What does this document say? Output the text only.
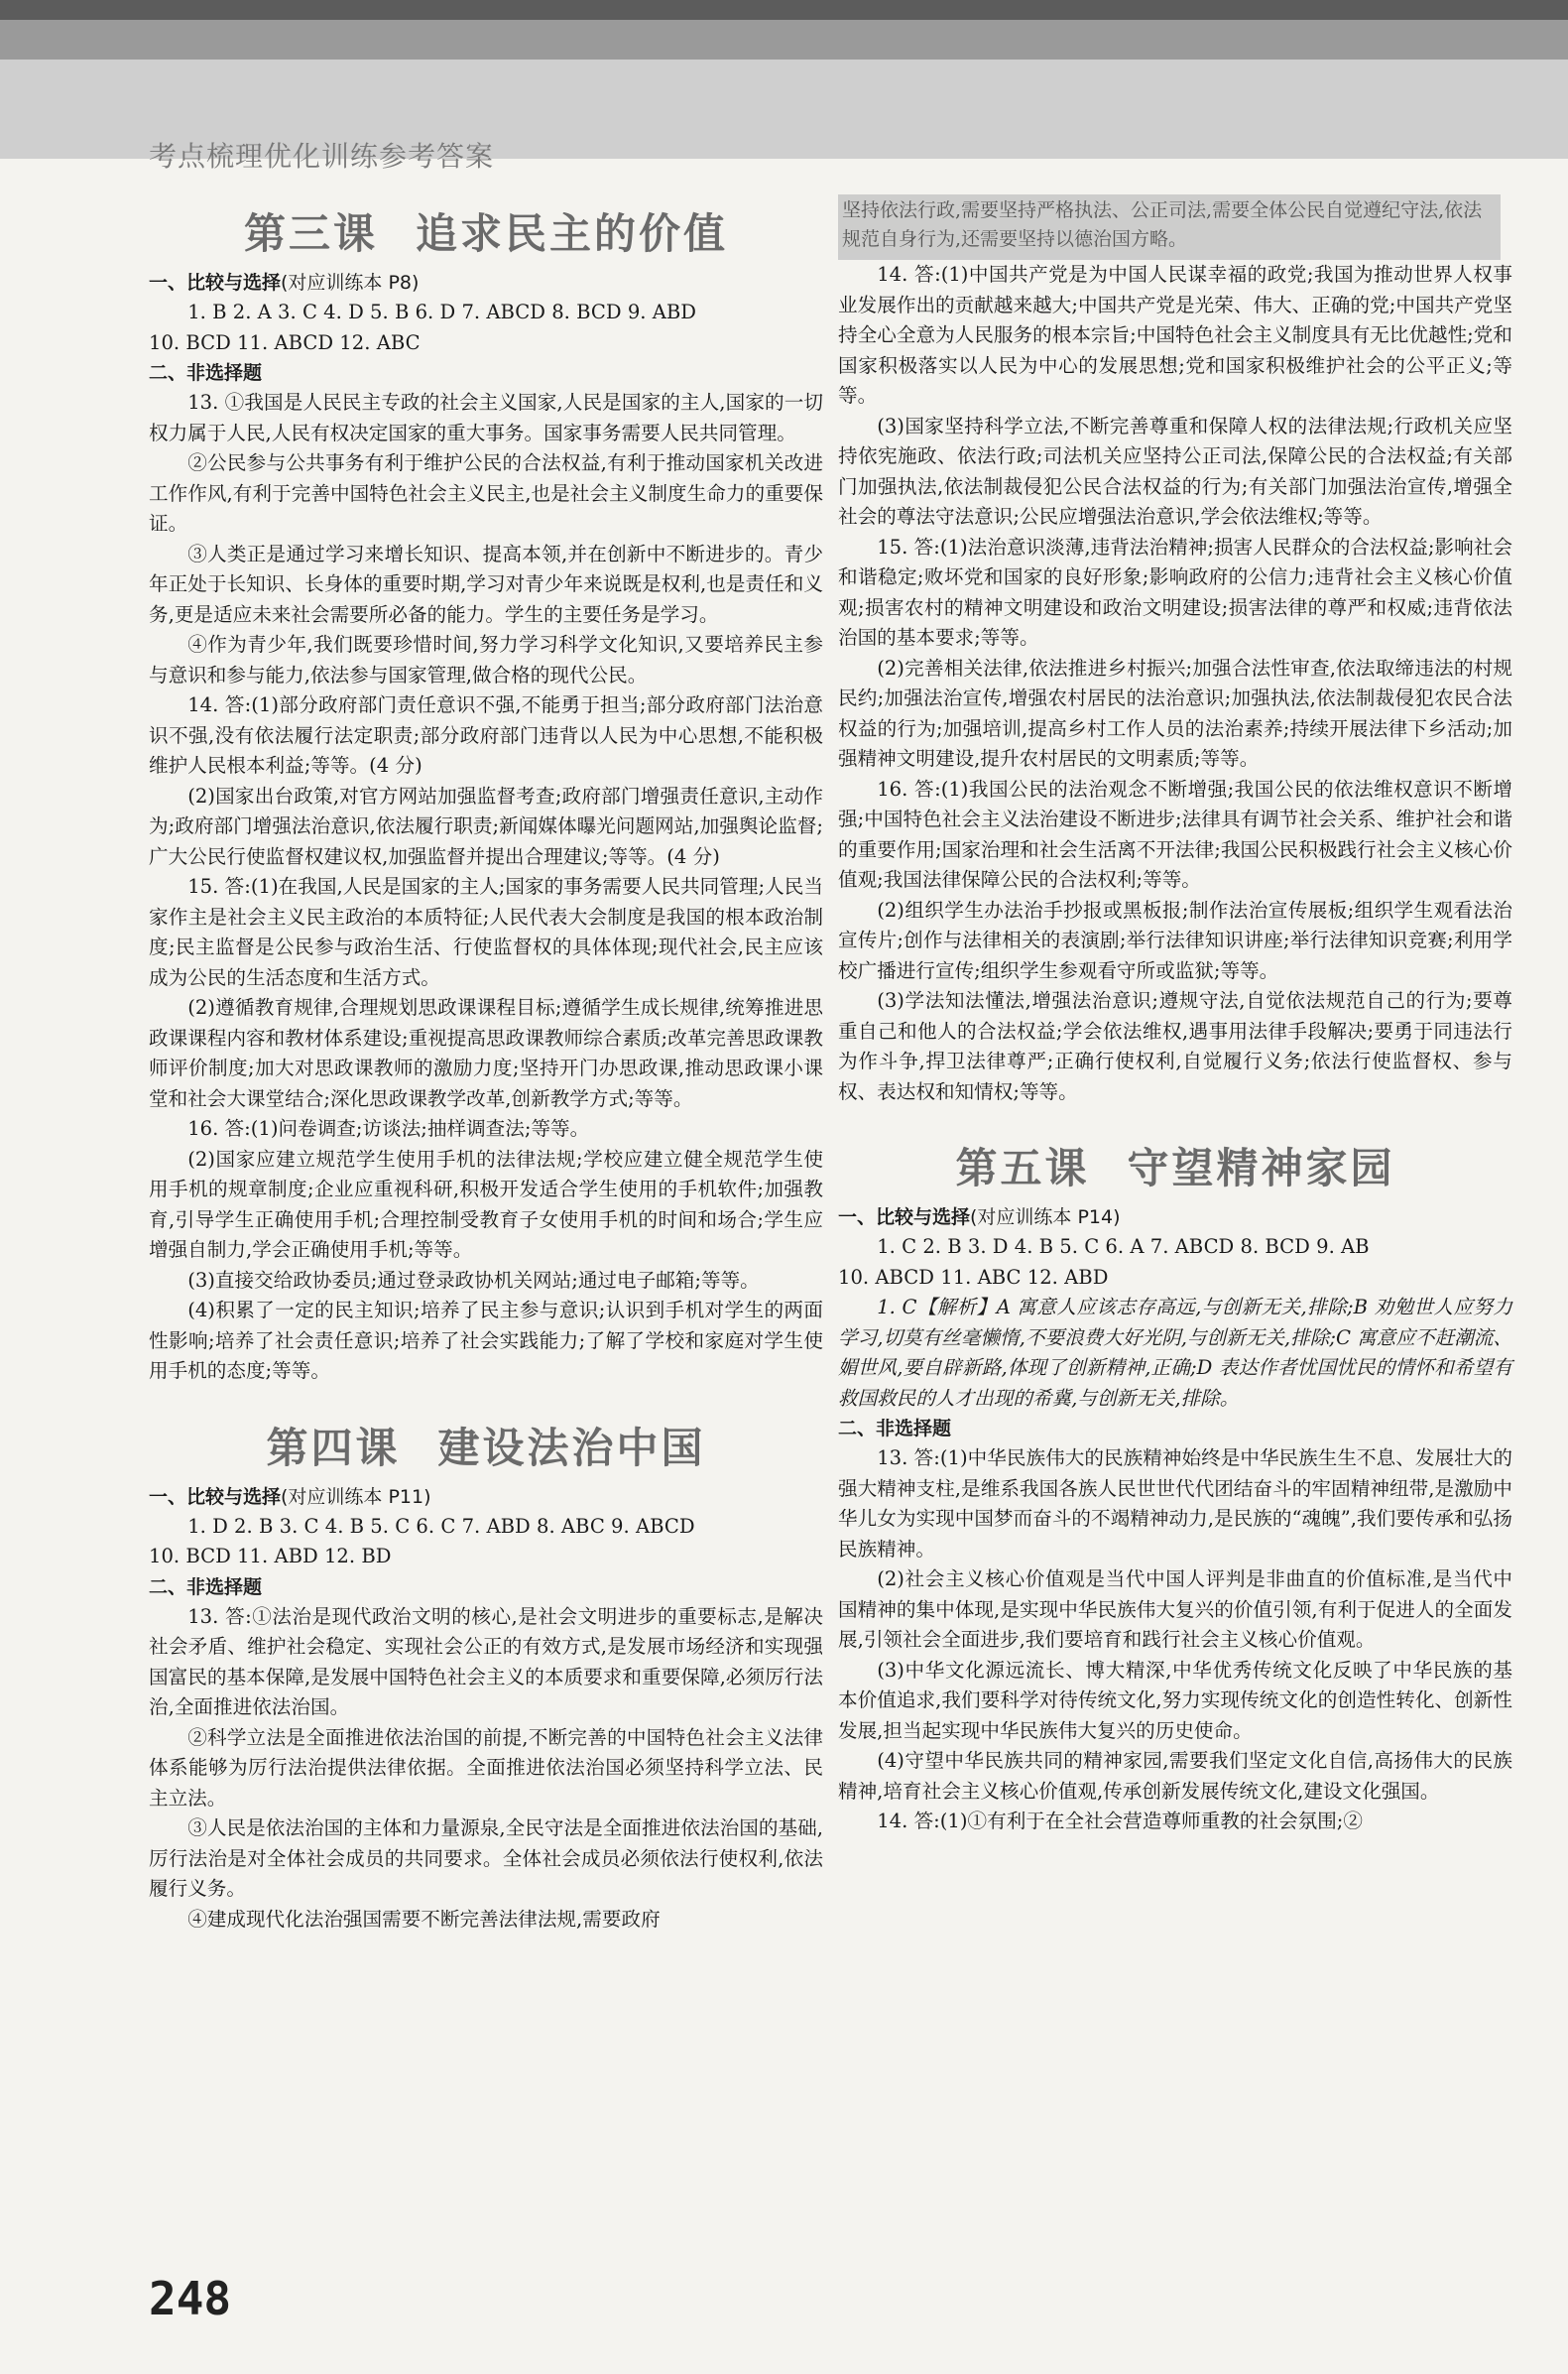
考点梳理优化训练参考答案
第三课 追求民主的价值
一、比较与选择(对应训练本 P8)

1. B 2. A 3. C 4. D 5. B 6. D 7. ABCD 8. BCD 9. ABD

10. BCD 11. ABCD 12. ABC

二、非选择题

13. ①我国是人民民主专政的社会主义国家,人民是国家的主人,国家的一切权力属于人民,人民有权决定国家的重大事务。国家事务需要人民共同管理。

②公民参与公共事务有利于维护公民的合法权益,有利于推动国家机关改进工作作风,有利于完善中国特色社会主义民主,也是社会主义制度生命力的重要保证。

③人类正是通过学习来增长知识、提高本领,并在创新中不断进步的。青少年正处于长知识、长身体的重要时期,学习对青少年来说既是权利,也是责任和义务,更是适应未来社会需要所必备的能力。学生的主要任务是学习。

④作为青少年,我们既要珍惜时间,努力学习科学文化知识,又要培养民主参与意识和参与能力,依法参与国家管理,做合格的现代公民。

14. 答:(1)部分政府部门责任意识不强,不能勇于担当;部分政府部门法治意识不强,没有依法履行法定职责;部分政府部门违背以人民为中心思想,不能积极维护人民根本利益;等等。(4 分)

(2)国家出台政策,对官方网站加强监督考查;政府部门增强责任意识,主动作为;政府部门增强法治意识,依法履行职责;新闻媒体曝光问题网站,加强舆论监督;广大公民行使监督权建议权,加强监督并提出合理建议;等等。(4 分)

15. 答:(1)在我国,人民是国家的主人;国家的事务需要人民共同管理;人民当家作主是社会主义民主政治的本质特征;人民代表大会制度是我国的根本政治制度;民主监督是公民参与政治生活、行使监督权的具体体现;现代社会,民主应该成为公民的生活态度和生活方式。

(2)遵循教育规律,合理规划思政课课程目标;遵循学生成长规律,统筹推进思政课课程内容和教材体系建设;重视提高思政课教师综合素质;改革完善思政课教师评价制度;加大对思政课教师的激励力度;坚持开门办思政课,推动思政课小课堂和社会大课堂结合;深化思政课教学改革,创新教学方式;等等。

16. 答:(1)问卷调查;访谈法;抽样调查法;等等。

(2)国家应建立规范学生使用手机的法律法规;学校应建立健全规范学生使用手机的规章制度;企业应重视科研,积极开发适合学生使用的手机软件;加强教育,引导学生正确使用手机;合理控制受教育子女使用手机的时间和场合;学生应增强自制力,学会正确使用手机;等等。

(3)直接交给政协委员;通过登录政协机关网站;通过电子邮箱;等等。

(4)积累了一定的民主知识;培养了民主参与意识;认识到手机对学生的两面性影响;培养了社会责任意识;培养了社会实践能力;了解了学校和家庭对学生使用手机的态度;等等。

第四课 建设法治中国
一、比较与选择(对应训练本 P11)

1. D 2. B 3. C 4. B 5. C 6. C 7. ABD 8. ABC 9. ABCD

10. BCD 11. ABD 12. BD

二、非选择题

13. 答:①法治是现代政治文明的核心,是社会文明进步的重要标志,是解决社会矛盾、维护社会稳定、实现社会公正的有效方式,是发展市场经济和实现强国富民的基本保障,是发展中国特色社会主义的本质要求和重要保障,必须厉行法治,全面推进依法治国。

②科学立法是全面推进依法治国的前提,不断完善的中国特色社会主义法律体系能够为厉行法治提供法律依据。全面推进依法治国必须坚持科学立法、民主立法。

③人民是依法治国的主体和力量源泉,全民守法是全面推进依法治国的基础,厉行法治是对全体社会成员的共同要求。全体社会成员必须依法行使权利,依法履行义务。

④建成现代化法治强国需要不断完善法律法规,需要政府

坚持依法行政,需要坚持严格执法、公正司法,需要全体公民自觉遵纪守法,依法规范自身行为,还需要坚持以德治国方略。

14. 答:(1)中国共产党是为中国人民谋幸福的政党;我国为推动世界人权事业发展作出的贡献越来越大;中国共产党是光荣、伟大、正确的党;中国共产党坚持全心全意为人民服务的根本宗旨;中国特色社会主义制度具有无比优越性;党和国家积极落实以人民为中心的发展思想;党和国家积极维护社会的公平正义;等等。

(3)国家坚持科学立法,不断完善尊重和保障人权的法律法规;行政机关应坚持依宪施政、依法行政;司法机关应坚持公正司法,保障公民的合法权益;有关部门加强执法,依法制裁侵犯公民合法权益的行为;有关部门加强法治宣传,增强全社会的尊法守法意识;公民应增强法治意识,学会依法维权;等等。

15. 答:(1)法治意识淡薄,违背法治精神;损害人民群众的合法权益;影响社会和谐稳定;败坏党和国家的良好形象;影响政府的公信力;违背社会主义核心价值观;损害农村的精神文明建设和政治文明建设;损害法律的尊严和权威;违背依法治国的基本要求;等等。

(2)完善相关法律,依法推进乡村振兴;加强合法性审查,依法取缔违法的村规民约;加强法治宣传,增强农村居民的法治意识;加强执法,依法制裁侵犯农民合法权益的行为;加强培训,提高乡村工作人员的法治素养;持续开展法律下乡活动;加强精神文明建设,提升农村居民的文明素质;等等。

16. 答:(1)我国公民的法治观念不断增强;我国公民的依法维权意识不断增强;中国特色社会主义法治建设不断进步;法律具有调节社会关系、维护社会和谐的重要作用;国家治理和社会生活离不开法律;我国公民积极践行社会主义核心价值观;我国法律保障公民的合法权利;等等。

(2)组织学生办法治手抄报或黑板报;制作法治宣传展板;组织学生观看法治宣传片;创作与法律相关的表演剧;举行法律知识讲座;举行法律知识竞赛;利用学校广播进行宣传;组织学生参观看守所或监狱;等等。

(3)学法知法懂法,增强法治意识;遵规守法,自觉依法规范自己的行为;要尊重自己和他人的合法权益;学会依法维权,遇事用法律手段解决;要勇于同违法行为作斗争,捍卫法律尊严;正确行使权利,自觉履行义务;依法行使监督权、参与权、表达权和知情权;等等。

第五课 守望精神家园
一、比较与选择(对应训练本 P14)

1. C 2. B 3. D 4. B 5. C 6. A 7. ABCD 8. BCD 9. AB

10. ABCD 11. ABC 12. ABD

1. C【解析】A 寓意人应该志存高远,与创新无关,排除;B 劝勉世人应努力学习,切莫有丝毫懒惰,不要浪费大好光阴,与创新无关,排除;C 寓意应不赶潮流、媚世风,要自辟新路,体现了创新精神,正确;D 表达作者忧国忧民的情怀和希望有救国救民的人才出现的希冀,与创新无关,排除。

二、非选择题

13. 答:(1)中华民族伟大的民族精神始终是中华民族生生不息、发展壮大的强大精神支柱,是维系我国各族人民世世代代团结奋斗的牢固精神纽带,是激励中华儿女为实现中国梦而奋斗的不竭精神动力,是民族的“魂魄”,我们要传承和弘扬民族精神。

(2)社会主义核心价值观是当代中国人评判是非曲直的价值标准,是当代中国精神的集中体现,是实现中华民族伟大复兴的价值引领,有利于促进人的全面发展,引领社会全面进步,我们要培育和践行社会主义核心价值观。

(3)中华文化源远流长、博大精深,中华优秀传统文化反映了中华民族的基本价值追求,我们要科学对待传统文化,努力实现传统文化的创造性转化、创新性发展,担当起实现中华民族伟大复兴的历史使命。

(4)守望中华民族共同的精神家园,需要我们坚定文化自信,高扬伟大的民族精神,培育社会主义核心价值观,传承创新发展传统文化,建设文化强国。

14. 答:(1)①有利于在全社会营造尊师重教的社会氛围;②

248
